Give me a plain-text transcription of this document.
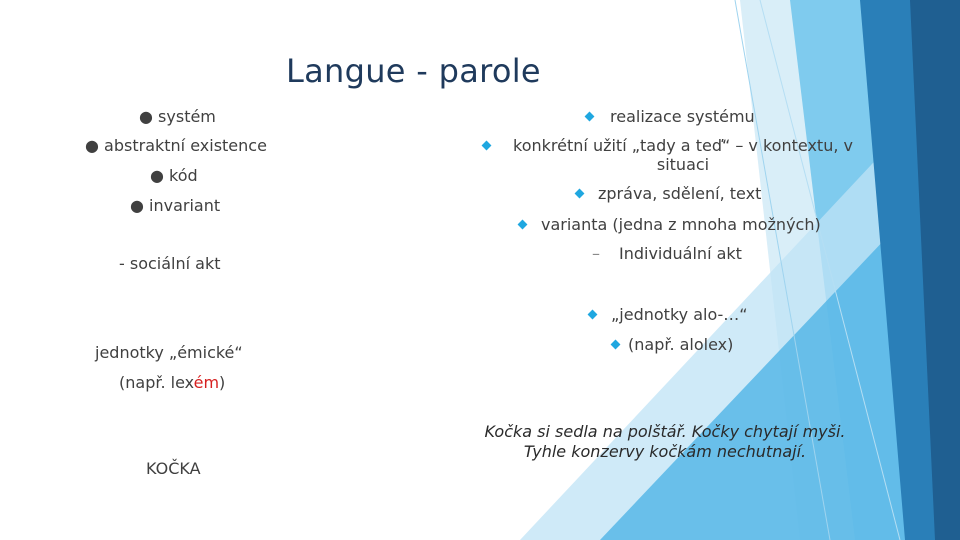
Langue - parole
● systém
● abstraktní existence
● kód
● invariant
- sociální akt
jednotky „émické“
(např. lexém)
KOČKA
realizace systému
konkrétní užití „tady a teď“ – v kontextu, v situaci
zpráva, sdělení, text
varianta (jedna z mnoha možných)
– Individuální akt
„jednotky alo-…“
(např. alolex)
Kočka si sedla na polštář. Kočky chytají myši.
Tyhle konzervy kočkám nechutnají.
